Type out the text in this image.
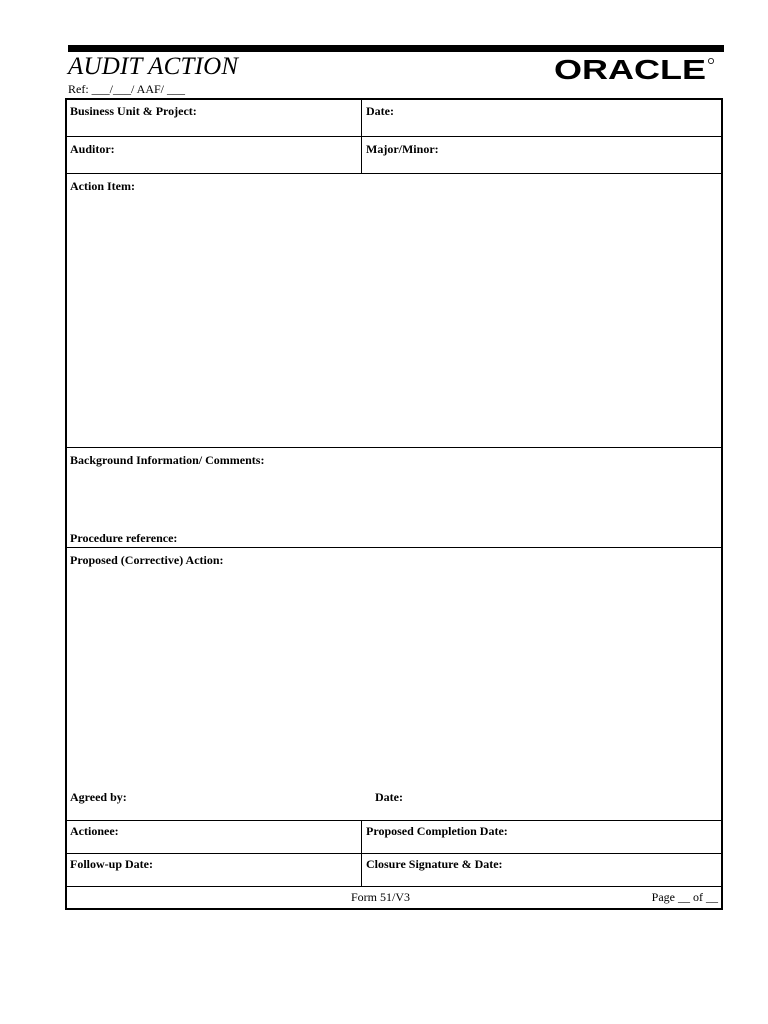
AUDIT ACTION	ORACLE
Ref: ___/___/ AAF/ ___
Business Unit & Project:	Date:
Auditor:	Major/Minor:
Action Item:
Background Information/ Comments:
Procedure reference:
Proposed (Corrective) Action:
Agreed by:	Date:
Actionee:	Proposed Completion Date:
Follow-up Date:	Closure Signature & Date:
Form 51/V3	Page __ of __
